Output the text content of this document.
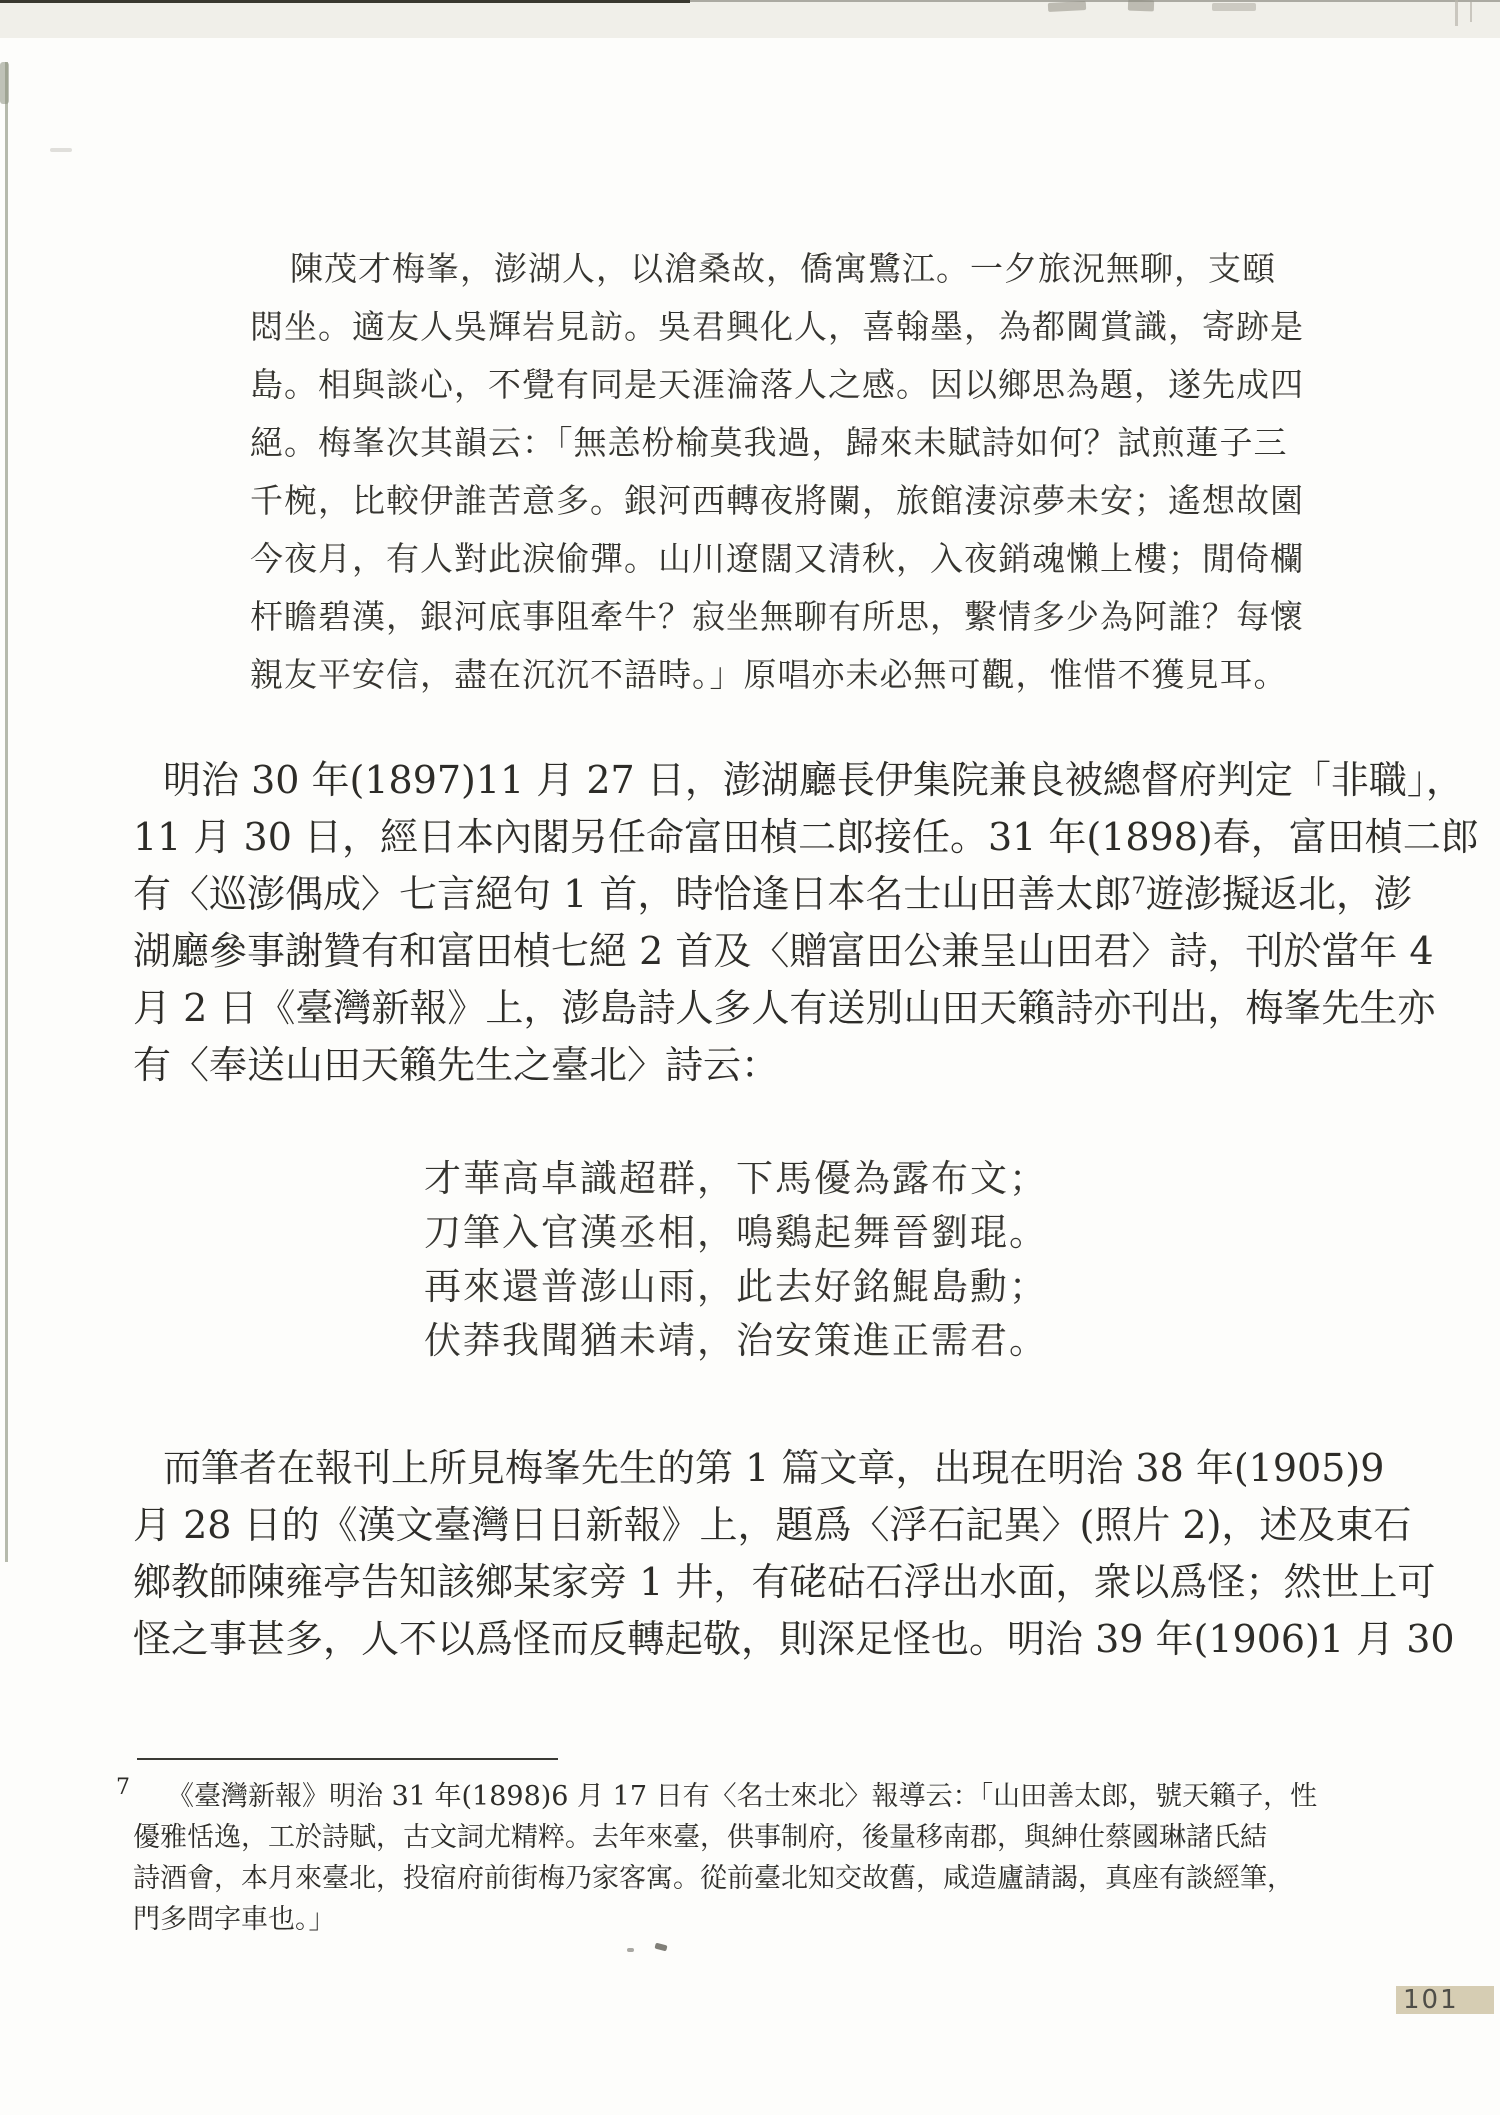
陳茂才梅峯，澎湖人，以滄桑故，僑寓鷺江。一夕旅況無聊，支頤
悶坐。適友人吳輝岩見訪。吳君興化人，喜翰墨，為都閫賞識，寄跡是
島。相與談心，不覺有同是天涯淪落人之感。因以鄉思為題，遂先成四
絕。梅峯次其韻云：「無恙枌榆莫我過，歸來未賦詩如何？試煎蓮子三
千椀，比較伊誰苦意多。銀河西轉夜將闌，旅館淒涼夢未安；遙想故園
今夜月，有人對此淚偷彈。山川遼闊又清秋，入夜銷魂懶上樓；閒倚欄
杆瞻碧漢，銀河底事阻牽牛？寂坐無聊有所思，繫情多少為阿誰？每懷
親友平安信，盡在沉沉不語時。」原唱亦未必無可觀，惟惜不獲見耳。
明治 30 年(1897)11 月 27 日，澎湖廳長伊集院兼良被總督府判定「非職」，
11 月 30 日，經日本內閣另任命富田楨二郎接任。31 年(1898)春，富田楨二郎
有〈巡澎偶成〉七言絕句 1 首，時恰逢日本名士山田善太郎$^7$遊澎擬返北，澎
湖廳參事謝贊有和富田楨七絕 2 首及〈贈富田公兼呈山田君〉詩，刊於當年 4
月 2 日《臺灣新報》上，澎島詩人多人有送別山田天籟詩亦刊出，梅峯先生亦
有〈奉送山田天籟先生之臺北〉詩云：
才華高卓識超群，下馬優為露布文；
刀筆入官漢丞相，鳴鷄起舞晉劉琨。
再來還普澎山雨，此去好銘鯤島勳；
伏莽我聞猶未靖，治安策進正需君。
而筆者在報刊上所見梅峯先生的第 1 篇文章，出現在明治 38 年(1905)9
月 28 日的《漢文臺灣日日新報》上，題爲〈浮石記異〉(照片 2)，述及東石
鄉教師陳雍亭告知該鄉某家旁 1 井，有硓𥑮石浮出水面，衆以爲怪；然世上可
怪之事甚多，人不以爲怪而反轉起敬，則深足怪也。明治 39 年(1906)1 月 30
7 《臺灣新報》明治 31 年(1898)6 月 17 日有〈名士來北〉報導云：「山田善太郎，號天籟子，性
優雅恬逸，工於詩賦，古文詞尤精粹。去年來臺，供事制府，後量移南郡，與紳仕蔡國琳諸氏結
詩酒會，本月來臺北，投宿府前街梅乃家客寓。從前臺北知交故舊，咸造廬請謁，真座有談經筆，
門多問字車也。」
101
